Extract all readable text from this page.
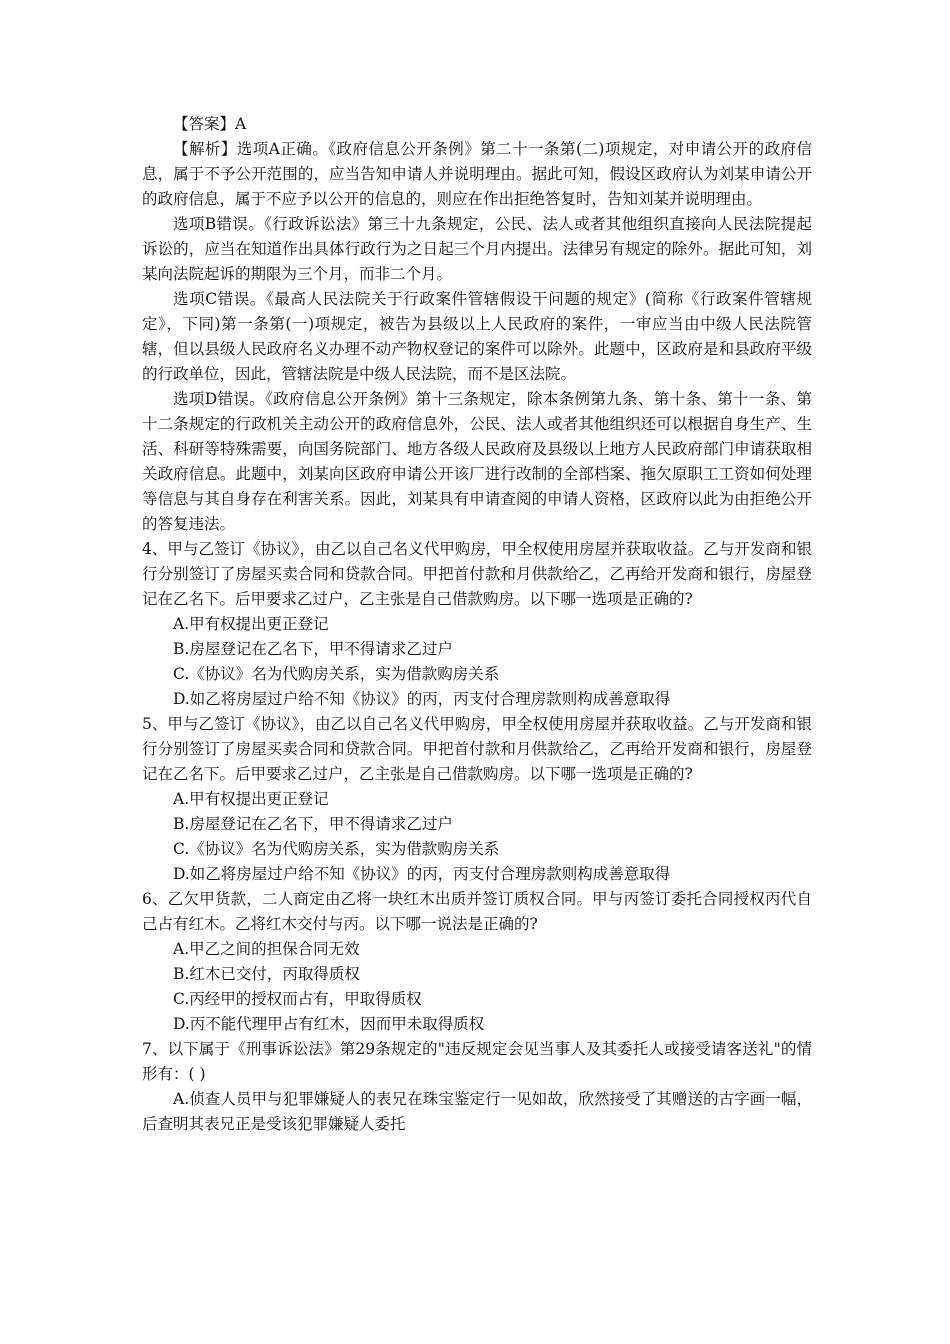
【答案】A

【解析】选项A正确。《政府信息公开条例》第二十一条第(二)项规定，对申请公开的政府信息，属于不予公开范围的，应当告知申请人并说明理由。据此可知，假设区政府认为刘某申请公开的政府信息，属于不应予以公开的信息的，则应在作出拒绝答复时，告知刘某并说明理由。

选项B错误。《行政诉讼法》第三十九条规定，公民、法人或者其他组织直接向人民法院提起诉讼的，应当在知道作出具体行政行为之日起三个月内提出。法律另有规定的除外。据此可知，刘某向法院起诉的期限为三个月，而非二个月。

选项C错误。《最高人民法院关于行政案件管辖假设干问题的规定》(简称《行政案件管辖规定》，下同)第一条第(一)项规定，被告为县级以上人民政府的案件，一审应当由中级人民法院管辖，但以县级人民政府名义办理不动产物权登记的案件可以除外。此题中，区政府是和县政府平级的行政单位，因此，管辖法院是中级人民法院，而不是区法院。

选项D错误。《政府信息公开条例》第十三条规定，除本条例第九条、第十条、第十一条、第十二条规定的行政机关主动公开的政府信息外，公民、法人或者其他组织还可以根据自身生产、生活、科研等特殊需要，向国务院部门、地方各级人民政府及县级以上地方人民政府部门申请获取相关政府信息。此题中，刘某向区政府申请公开该厂进行改制的全部档案、拖欠原职工工资如何处理等信息与其自身存在利害关系。因此，刘某具有申请查阅的申请人资格，区政府以此为由拒绝公开的答复违法。

4、甲与乙签订《协议》，由乙以自己名义代甲购房，甲全权使用房屋并获取收益。乙与开发商和银行分别签订了房屋买卖合同和贷款合同。甲把首付款和月供款给乙，乙再给开发商和银行，房屋登记在乙名下。后甲要求乙过户，乙主张是自己借款购房。以下哪一选项是正确的?

A.甲有权提出更正登记

B.房屋登记在乙名下，甲不得请求乙过户

C.《协议》名为代购房关系，实为借款购房关系

D.如乙将房屋过户给不知《协议》的丙，丙支付合理房款则构成善意取得

5、甲与乙签订《协议》，由乙以自己名义代甲购房，甲全权使用房屋并获取收益。乙与开发商和银行分别签订了房屋买卖合同和贷款合同。甲把首付款和月供款给乙，乙再给开发商和银行，房屋登记在乙名下。后甲要求乙过户，乙主张是自己借款购房。以下哪一选项是正确的?

A.甲有权提出更正登记

B.房屋登记在乙名下，甲不得请求乙过户

C.《协议》名为代购房关系，实为借款购房关系

D.如乙将房屋过户给不知《协议》的丙，丙支付合理房款则构成善意取得

6、乙欠甲货款，二人商定由乙将一块红木出质并签订质权合同。甲与丙签订委托合同授权丙代自己占有红木。乙将红木交付与丙。以下哪一说法是正确的?

A.甲乙之间的担保合同无效

B.红木已交付，丙取得质权

C.丙经甲的授权而占有，甲取得质权

D.丙不能代理甲占有红木，因而甲未取得质权

7、以下属于《刑事诉讼法》第29条规定的"违反规定会见当事人及其委托人或接受请客送礼"的情形有：( )

A.侦查人员甲与犯罪嫌疑人的表兄在珠宝鉴定行一见如故，欣然接受了其赠送的古字画一幅，后查明其表兄正是受该犯罪嫌疑人委托
